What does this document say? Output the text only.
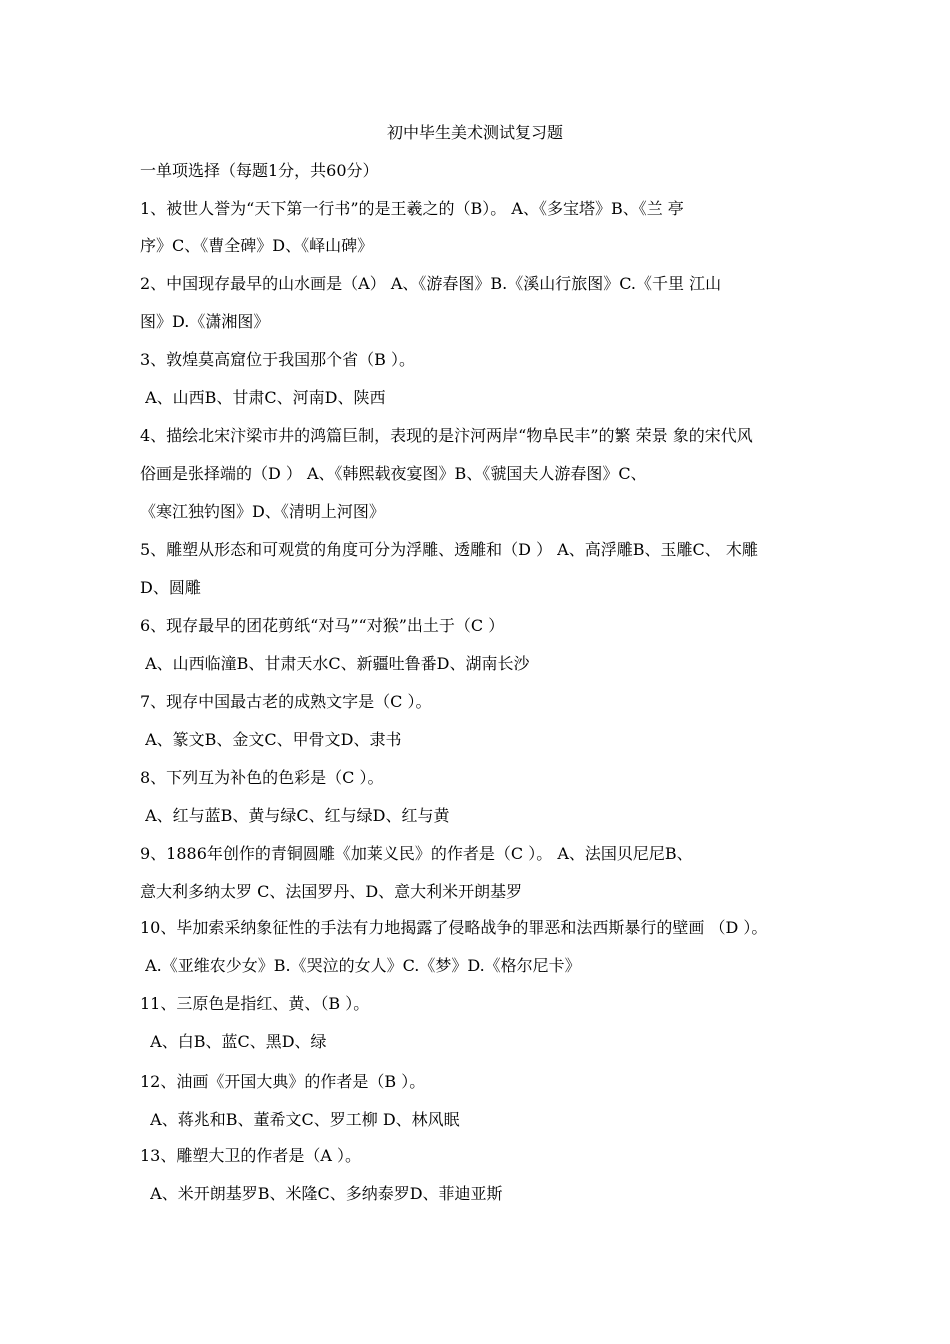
初中毕生美术测试复习题
一单项选择（每题1分，共60分）
1、被世人誉为“天下第一行书”的是王羲之的（B）。 A、《多宝塔》B、《兰 亭
序》C、《曹全碑》D、《峄山碑》
2、中国现存最早的山水画是（A） A、《游春图》B.《溪山行旅图》C.《千里 江山
图》D.《潇湘图》
3、敦煌莫高窟位于我国那个省（B ）。
A、山西B、甘肃C、河南D、陕西
4、描绘北宋汴梁市井的鸿篇巨制，表现的是汴河两岸“物阜民丰”的繁 荣景 象的宋代风
俗画是张择端的（D ） A、《韩熙载夜宴图》B、《虢国夫人游春图》C、
《寒江独钓图》D、《清明上河图》
5、雕塑从形态和可观赏的角度可分为浮雕、透雕和（D ） A、高浮雕B、玉雕C、 木雕
D、圆雕
6、现存最早的团花剪纸“对马”“对猴”出土于（C ）
A、山西临潼B、甘肃天水C、新疆吐鲁番D、湖南长沙
7、现存中国最古老的成熟文字是（C ）。
A、篆文B、金文C、甲骨文D、隶书
8、下列互为补色的色彩是（C ）。
A、红与蓝B、黄与绿C、红与绿D、红与黄
9、1886年创作的青铜圆雕《加莱义民》的作者是（C ）。 A、法国贝尼尼B、
意大利多纳太罗 C、法国罗丹、D、意大利米开朗基罗
10、毕加索采纳象征性的手法有力地揭露了侵略战争的罪恶和法西斯暴行的壁画 （D ）。
A.《亚维农少女》B.《哭泣的女人》C.《梦》D.《格尔尼卡》
11、三原色是指红、黄、（B ）。
A、白B、蓝C、黑D、绿
12、油画《开国大典》的作者是（B ）。
A、蒋兆和B、董希文C、罗工柳 D、林风眠
13、雕塑大卫的作者是（A ）。
A、米开朗基罗B、米隆C、多纳泰罗D、菲迪亚斯
